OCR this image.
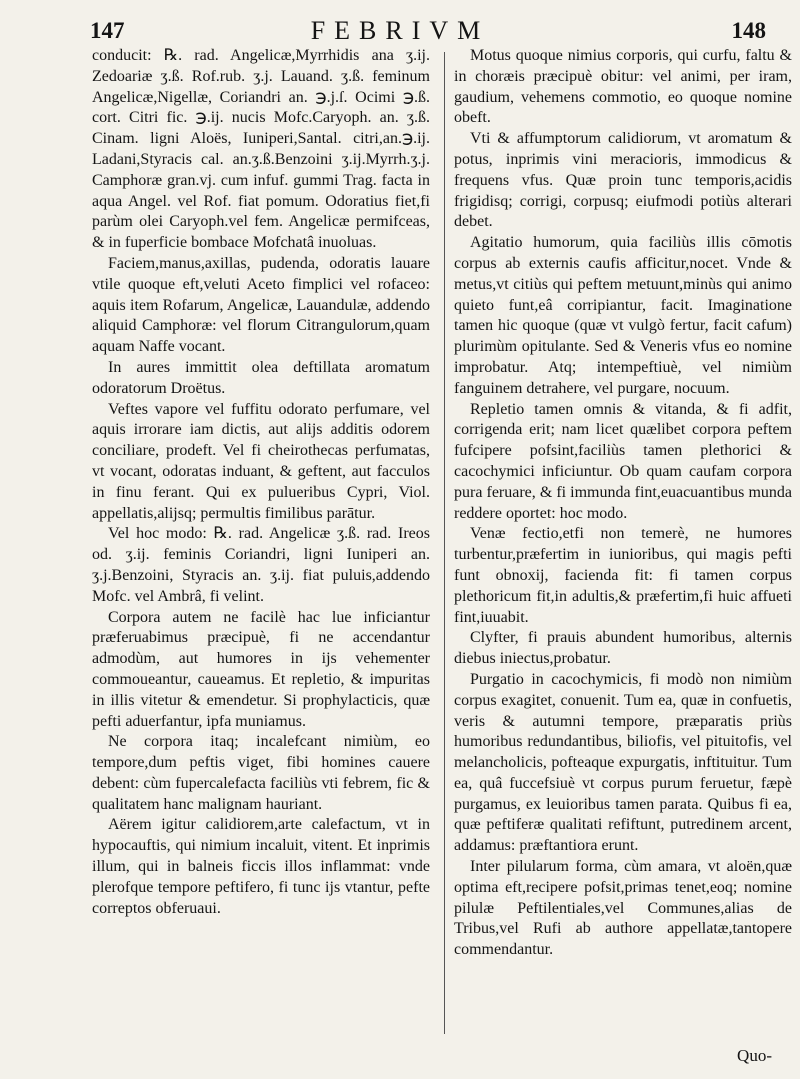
147	FEBRIVM	148

conducit: ℞. rad. Angelicæ,Myrrhidis ana ʒ.ij. Zedoariæ ʒ.ß. Rof.rub. ʒ.j. Lauand. ʒ.ß. feminum Angelicæ,Nigellæ, Coriandri an. ℈.j.ſ. Ocimi ℈.ß. cort. Citri fic. ℈.ij. nucis Mofc.Caryoph. an. ʒ.ß. Cinam. ligni Aloës, Iuniperi,Santal. citri,an.℈.ij. Ladani,Styracis cal. an.ʒ.ß.Benzoini ʒ.ij.Myrrh.ʒ.j. Camphoræ gran.vj. cum infuf. gummi Trag. facta in aqua Angel. vel Rof. fiat pomum. Odoratius fiet,fi parùm olei Caryoph.vel fem. Angelicæ permifceas, & in fuperficie bombace Mofchatâ inuoluas.

Faciem,manus,axillas, pudenda, odoratis lauare vtile quoque eft,veluti Aceto fimplici vel rofaceo: aquis item Rofarum, Angelicæ, Lauandulæ, addendo aliquid Camphoræ: vel florum Citrangulorum,quam aquam Naffe vocant.

In aures immittit olea deftillata aromatum odoratorum Droëtus.

Veftes vapore vel fuffitu odorato perfumare, vel aquis irrorare iam dictis, aut alijs additis odorem conciliare, prodeft. Vel fi cheirothecas perfumatas, vt vocant, odoratas induant, & geftent, aut facculos in finu ferant. Qui ex pulueribus Cypri, Viol. appellatis,alijsq; permultis fimilibus parātur.

Vel hoc modo: ℞. rad. Angelicæ ʒ.ß. rad. Ireos od. ʒ.ij. feminis Coriandri, ligni Iuniperi an. ʒ.j.Benzoini, Styracis an. ʒ.ij. fiat puluis,addendo Mofc. vel Ambrâ, fi velint.

Corpora autem ne facilè hac lue inficiantur præferuabimus præcipuè, fi ne accendantur admodùm, aut humores in ijs vehementer commoueantur, caueamus. Et repletio, & impuritas in illis vitetur & emendetur. Si prophylacticis, quæ pefti aduerfantur, ipfa muniamus.

Ne corpora itaq; incalefcant nimiùm, eo tempore,dum peftis viget, fibi homines cauere debent: cùm fupercalefacta faciliùs vti febrem, fic & qualitatem hanc malignam hauriant.

Aërem igitur calidiorem,arte calefactum, vt in hypocauftis, qui nimium incaluit, vitent. Et inprimis illum, qui in balneis ficcis illos inflammat: vnde plerofque tempore peftifero, fi tunc ijs vtantur, pefte correptos obferuaui.

Motus quoque nimius corporis, qui curfu, faltu & in choræis præcipuè obitur: vel animi, per iram, gaudium, vehemens commotio, eo quoque nomine obeft.

Vti & affumptorum calidiorum, vt aromatum & potus, inprimis vini meracioris, immodicus & frequens vfus. Quæ proin tunc temporis,acidis frigidisq; corrigi, corpusq; eiufmodi potiùs alterari debet.

Agitatio humorum, quia faciliùs illis cōmotis corpus ab externis caufis afficitur,nocet. Vnde & metus,vt citiùs qui peftem metuunt,minùs qui animo quieto funt,eâ corripiantur, facit. Imaginatione tamen hic quoque (quæ vt vulgò fertur, facit cafum) plurimùm opitulante. Sed & Veneris vfus eo nomine improbatur. Atq; intempeftiuè, vel nimiùm fanguinem detrahere, vel purgare, nocuum.

Repletio tamen omnis & vitanda, & fi adfit, corrigenda erit; nam licet quælibet corpora peftem fufcipere pofsint,faciliùs tamen plethorici & cacochymici inficiuntur. Ob quam caufam corpora pura feruare, & fi immunda fint,euacuantibus munda reddere oportet: hoc modo.

Venæ fectio,etfi non temerè, ne humores turbentur,præfertim in iunioribus, qui magis pefti funt obnoxij, facienda fit: fi tamen corpus plethoricum fit,in adultis,& præfertim,fi huic affueti fint,iuuabit.

Clyfter, fi prauis abundent humoribus, alternis diebus iniectus,probatur.

Purgatio in cacochymicis, fi modò non nimiùm corpus exagitet, conuenit. Tum ea, quæ in confuetis, veris & autumni tempore, præparatis priùs humoribus redundantibus, biliofis, vel pituitofis, vel melancholicis, pofteaque expurgatis, inftituitur. Tum ea, quâ fuccefsiuè vt corpus purum feruetur, fæpè purgamus, ex leuioribus tamen parata. Quibus fi ea, quæ peftiferæ qualitati refiftunt, putredinem arcent, addamus: præftantiora erunt.

Inter pilularum forma, cùm amara, vt aloën,quæ optima eft,recipere pofsit,primas tenet,eoq; nomine pilulæ Peftilentiales,vel Communes,alias de Tribus,vel Rufi ab authore appellatæ,tantopere commendantur.

Quo-
